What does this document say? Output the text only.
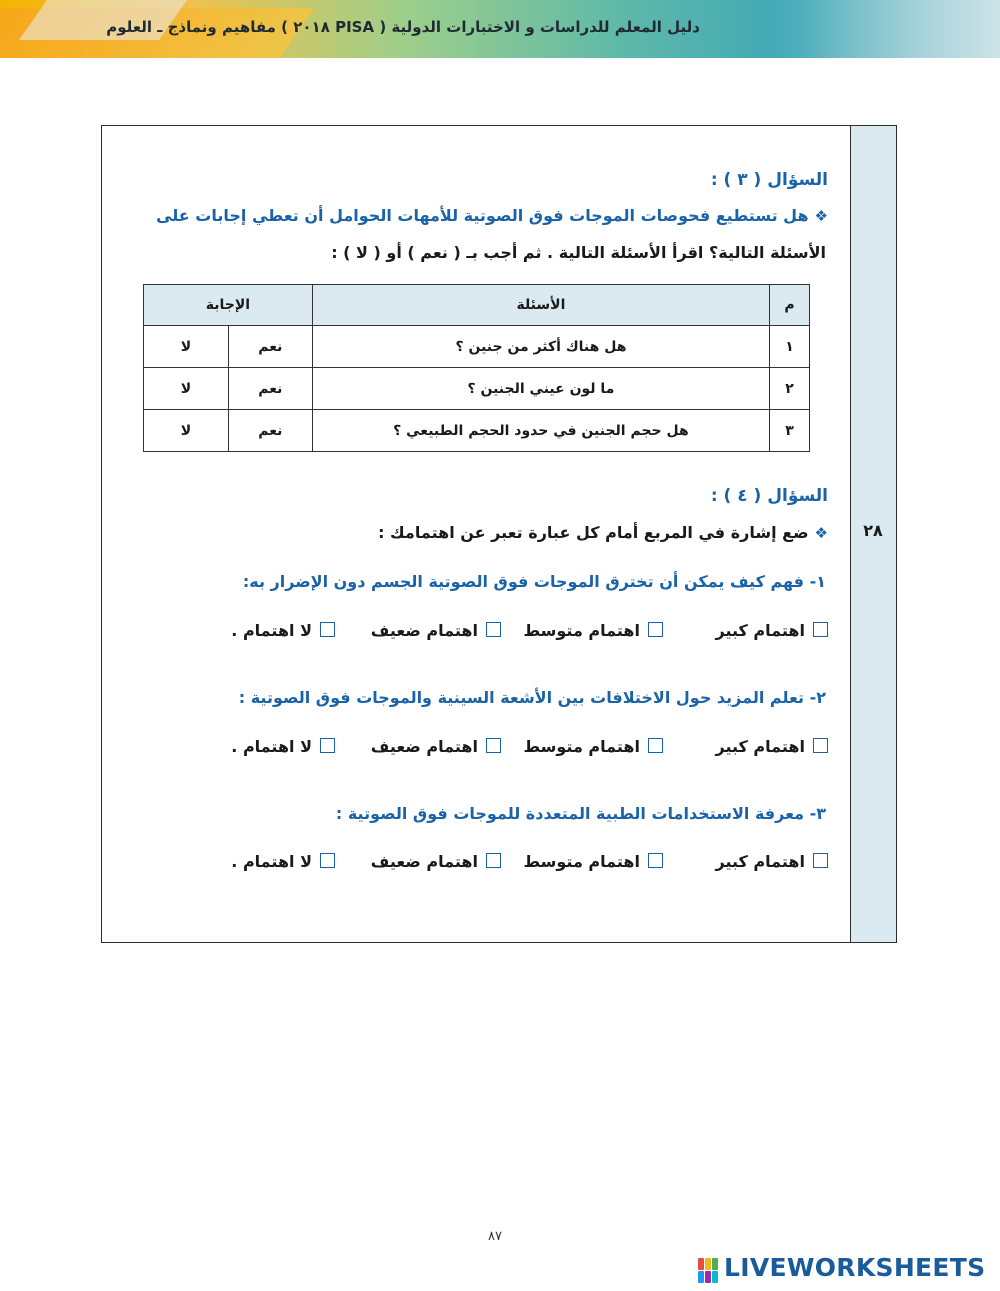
دليل المعلم للدراسات و الاختبارات الدولية ( PISA ٢٠١٨ ) مفاهيم ونماذج ـ العلوم
٢٨
السؤال ( ٣ ) :
❖هل تستطيع فحوصات الموجات فوق الصوتية للأمهات الحوامل أن تعطي إجابات على
الأسئلة التالية؟ اقرأ الأسئلة التالية . ثم أجب بـ ( نعم ) أو ( لا ) :
م	الأسئلة	الإجابة	
١	هل هناك أكثر من جنين ؟	نعم	لا
٢	ما لون عيني الجنين ؟	نعم	لا
٣	هل حجم الجنين في حدود الحجم الطبيعي ؟	نعم	لا
السؤال ( ٤ ) :
❖ضع إشارة في المربع أمام كل عبارة تعبر عن اهتمامك :
١- فهم كيف يمكن أن تخترق الموجات فوق الصوتية الجسم دون الإضرار به:
اهتمام كبير
اهتمام متوسط
اهتمام ضعيف
لا اهتمام .
٢- تعلم المزيد حول الاختلافات بين الأشعة السينية والموجات فوق الصوتية :
اهتمام كبير
اهتمام متوسط
اهتمام ضعيف
لا اهتمام .
٣- معرفة الاستخدامات الطبية المتعددة للموجات فوق الصوتية :
اهتمام كبير
اهتمام متوسط
اهتمام ضعيف
لا اهتمام .
٨٧
LIVEWORKSHEETS
